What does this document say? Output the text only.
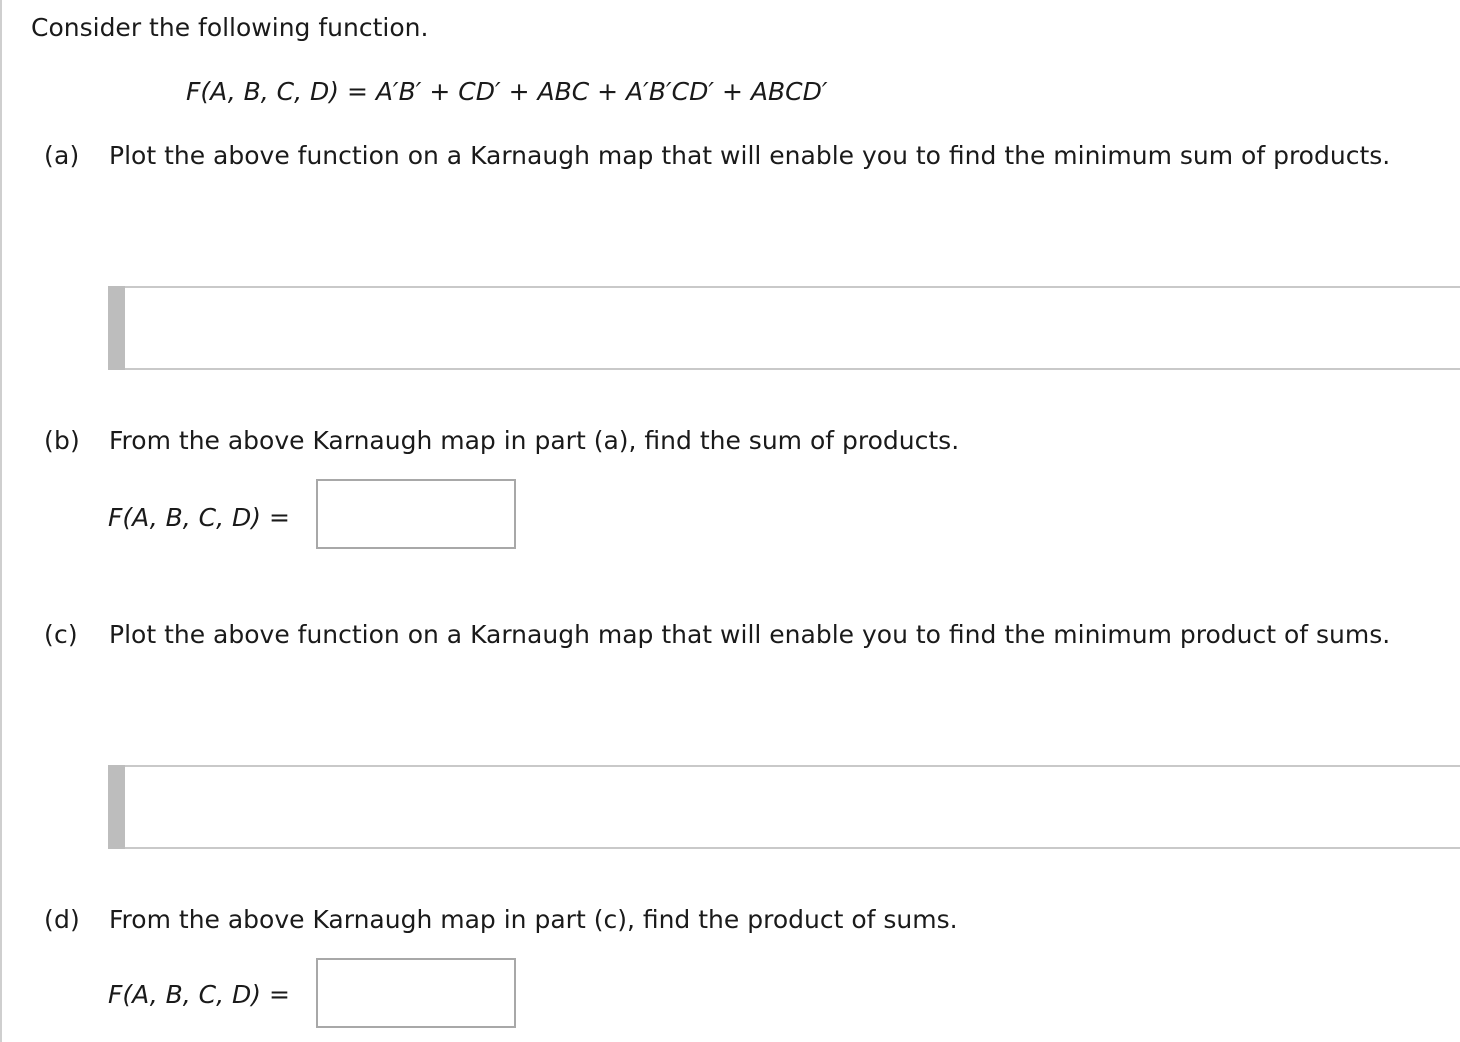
Consider the following function.
F(A, B, C, D) = A′B′ + CD′ + ABC + A′B′CD′ + ABCD′
(a) Plot the above function on a Karnaugh map that will enable you to find the minimum sum of products.
(b) From the above Karnaugh map in part (a), find the sum of products.
F(A, B, C, D) =
(c) Plot the above function on a Karnaugh map that will enable you to find the minimum product of sums.
(d) From the above Karnaugh map in part (c), find the product of sums.
F(A, B, C, D) =
